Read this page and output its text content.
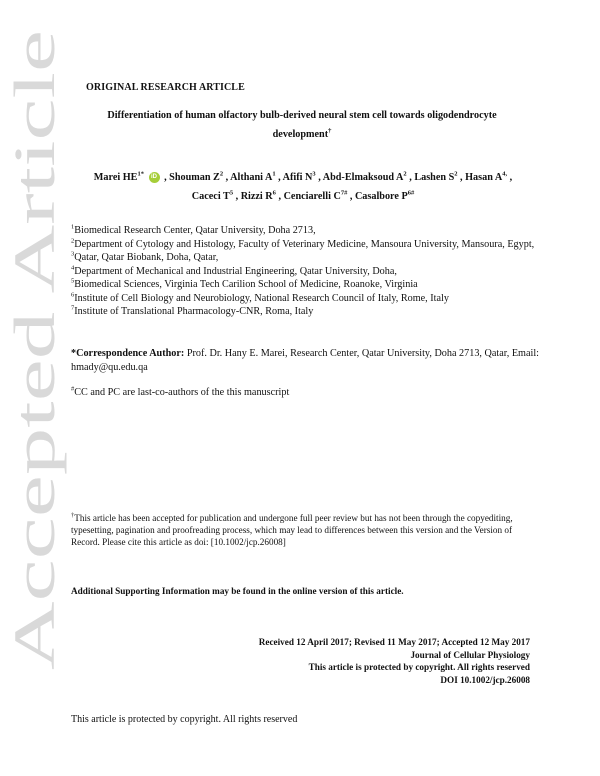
Accepted Article
ORIGINAL RESEARCH ARTICLE
Differentiation of human olfactory bulb-derived neural stem cell towards oligodendrocyte
development†
Marei $HE^{1*}$ iD , Shouman $Z^2$ , Althani $A^1$ , Afifi $N^3$ , Abd-Elmaksoud $A^2$ , Lashen $S^2$ , Hasan $A^{4,}$ ,
Caceci $T^5$ , Rizzi $R^6$ , Cenciarelli $C^{7\#}$ , Casalbore $P^{6\#}$
$^1$Biomedical Research Center, Qatar University, Doha 2713,
$^2$Department of Cytology and Histology, Faculty of Veterinary Medicine, Mansoura University, Mansoura, Egypt,
$^3$Qatar, Qatar Biobank, Doha, Qatar,
$^4$Department of Mechanical and Industrial Engineering, Qatar University, Doha,
$^5$Biomedical Sciences, Virginia Tech Carilion School of Medicine, Roanoke, Virginia
$^6$Institute of Cell Biology and Neurobiology, National Research Council of Italy, Rome, Italy
$^7$Institute of Translational Pharmacology-CNR, Roma, Italy
*Correspondence Author: Prof. Dr. Hany E. Marei, Research Center, Qatar University, Doha 2713, Qatar, Email: hmady@qu.edu.qa
#CC and PC are last-co-authors of the this manuscript
†This article has been accepted for publication and undergone full peer review but has not been through the copyediting, typesetting, pagination and proofreading process, which may lead to differences between this version and the Version of Record. Please cite this article as doi: [10.1002/jcp.26008]
Additional Supporting Information may be found in the online version of this article.
Received 12 April 2017; Revised 11 May 2017; Accepted 12 May 2017
Journal of Cellular Physiology
This article is protected by copyright. All rights reserved
DOI 10.1002/jcp.26008
This article is protected by copyright. All rights reserved
